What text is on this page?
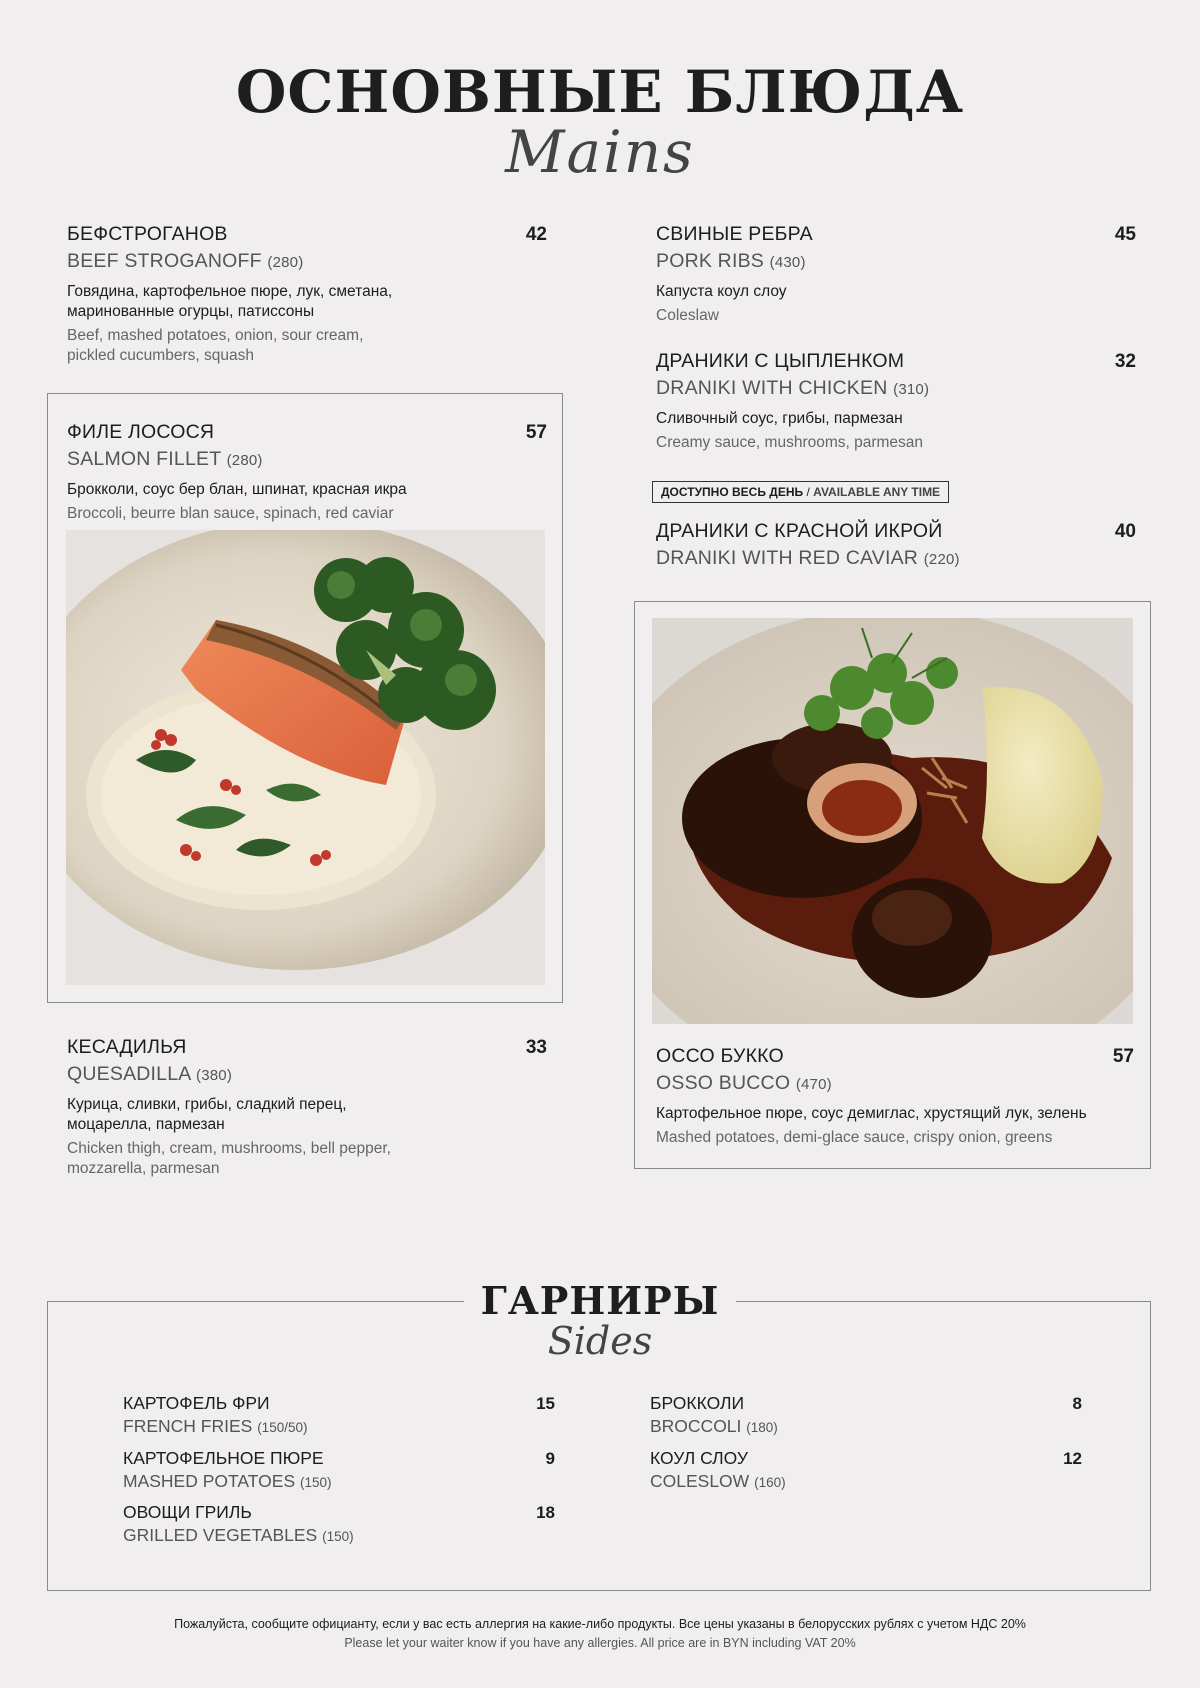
ОСНОВНЫЕ БЛЮДА
Mains
БЕФСТРОГАНОВ	42
BEEF STROGANOFF (280)
Говядина, картофельное пюре, лук, сметана, маринованные огурцы, патиссоны
Beef, mashed potatoes, onion, sour cream, pickled cucumbers, squash
ФИЛЕ ЛОСОСЯ	57
SALMON FILLET (280)
Брокколи, соус бер блан, шпинат, красная икра
Broccoli, beurre blan sauce, spinach, red caviar
КЕСАДИЛЬЯ	33
QUESADILLA (380)
Курица, сливки, грибы, сладкий перец, моцарелла, пармезан
Chicken thigh, cream, mushrooms, bell pepper, mozzarella, parmesan
СВИНЫЕ РЕБРА	45
PORK RIBS (430)
Капуста коул слоу
Coleslaw
ДРАНИКИ С ЦЫПЛЕНКОМ	32
DRANIKI WITH CHICKEN (310)
Сливочный соус, грибы, пармезан
Creamy sauce, mushrooms, parmesan
ДОСТУПНО ВЕСЬ ДЕНЬ / AVAILABLE ANY TIME
ДРАНИКИ С КРАСНОЙ ИКРОЙ	40
DRANIKI WITH RED CAVIAR (220)
ОССО БУККО	57
OSSO BUCCO (470)
Картофельное пюре, соус демиглас, хрустящий лук, зелень
Mashed potatoes, demi-glace sauce, crispy onion, greens
ГАРНИРЫ
Sides
КАРТОФЕЛЬ ФРИ	15
FRENCH FRIES (150/50)
КАРТОФЕЛЬНОЕ ПЮРЕ	9
MASHED POTATOES (150)
ОВОЩИ ГРИЛЬ	18
GRILLED VEGETABLES (150)
БРОККОЛИ	8
BROCCOLI (180)
КОУЛ СЛОУ	12
COLESLOW (160)
Пожалуйста, сообщите официанту, если у вас есть аллергия на какие-либо продукты. Все цены указаны в белорусских рублях с учетом НДС 20%
Please let your waiter know if you have any allergies. All price are in BYN including VAT 20%
